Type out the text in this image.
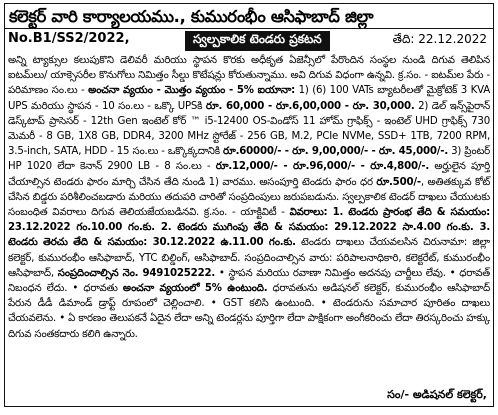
కలెక్టర్ వారి కార్యాలయము., కుమురంభీం ఆసిఫాబాద్ జిల్లా
No.B1/SS2/2022,	స్వల్పకాలిక టెండరు ప్రకటన	తేది: 22.12.2022
అన్ని ట్యాక్సుల కలుపుకొని డెలివరీ మరియు స్థాపన కొరకు అధీకృత ఏజెన్సీలో పేరొందిన సంస్థల నుండి దిగువ తెలిపిన ఐటమ్‌లు/ యాక్సెసరీల కొనుగోలు నిమిత్తం సీల్డు కొటేషన్లు కోరుతున్నాము. అవి దిగువ విధంగా ఉన్నవి. క్ర.సం. - ఐటమ్‌ల పేరు - పరిమాణం సం.లు - అంచనా వ్యయం - మొత్తం వ్యయం - 5% ఐయానా: 1) (6) 100 VATs బ్యాటరీలతో మైక్రోటెక్ 3 KVA UPS మరియు స్థాపన - 10 సం.లు - ఒక్కొ UPSకి రూ. 60,000 - రూ.6,00,000 - రూ. 30,000. 2) డెల్ ఇన్స్‌పైరాన్ డెస్క్‌టాప్ ప్రాసెసర్ - 12th Gen ఇంటెల్ కోర్ ™ i5-12400 OS-విండోస్ 11 హోమ్ గ్రాఫిక్స్ - ఇంటెల్ UHD గ్రాఫిక్స్ 730 మెమరీ - 8 GB, 1X8 GB, DDR4, 3200 MHz స్టోరేజ్ - 256 GB, M.2, PCIe NVMe, SSD+ 1TB, 7200 RPM, 3.5-inch, SATA, HDD - 15 సం.లు - ఒక్కొక్కదానికి రూ.60000/- - రూ. 9,00,000/- - రూ. 45,000/-. 3) ప్రింటర్ HP 1020 లేదా కెనాన్ 2900 LB - 8 సం.లు - రూ.12,000/- - రూ.96,000/- - రూ.4,800/-. అర్హులైన పూర్తి చేయాల్సిన టెండరు ఫారం మార్చి చేసిన తేది నుండి 1) వారము. అసంపూర్తి టెండరు ఫారం ధర రూ.500/-, అతితక్కువ కోట్ చేసిన బిడ్డరు పరిశీలించబడారు మరియు తదుపరి చారితో సంప్రదింపులు జరుపబడును. స్వల్పకాలిక టెండర్ దాఖలు చేయుటకు సంబంధిత వివరాలు దిగువ తెలియజేయబడినవి. క్ర.సం. - యాక్టివిటీ - వివరాలు: 1. టెండరు ప్రారంభ తేది & సమయం: 23.12.2022 గం.10.00 గం.కు. 2. టెండరు ముగింపు తేది & సమయం: 29.12.2022 సా.4.00 గం.కు. 3. టెండరు తెరచు తేది & సమయం: 30.12.2022 ఉ.11.00 గం.కు. టెండరు దాఖలు చేయవలసిన చిరునామా: జిల్లా కలెక్టర్, కుమురంభీం ఆసిఫాబాద్, YTC బిల్డింగ్, ఆసిఫాబాద్. సంప్రదించాల్సిన వారు: పరిపాలనాధికారి, కలెక్టరేట్, కుమురంభీం ఆసిఫాబాద్, సంప్రదించాల్సిన నెం. 9491025222. • స్థాపన మరియు రవాణా నిమిత్తం అదనపు చార్జీలు లేవు. • ధరావత్ నిబంధన లేదు. • ధరావతు అంచనా వ్యయంలో 5% ఉంటుంది. ధరావతును అడిషనల్ కలెక్టర్, కుమురంభీం ఆసిఫాబాద్ పేరున డీడీ డిమాండ్ డ్రాఫ్ట్ రూపంలో చెల్లించాలి. • GST కలిసి ఉంటుంది. • టెండరును సమాచార పూరితం దాఖలు చేయవలెను. • ఏ కారణం తెలుపకనే ఏదైన లేదా అన్ని టెండర్లను పూర్తిగా లేదా పాక్షికంగా అంగీకరించు లేదా తిరస్కరించు హక్కు దిగువ సంతకదారు కలిగి ఉన్నారు.
సం/- అడిషనల్ కలెక్టర్,
